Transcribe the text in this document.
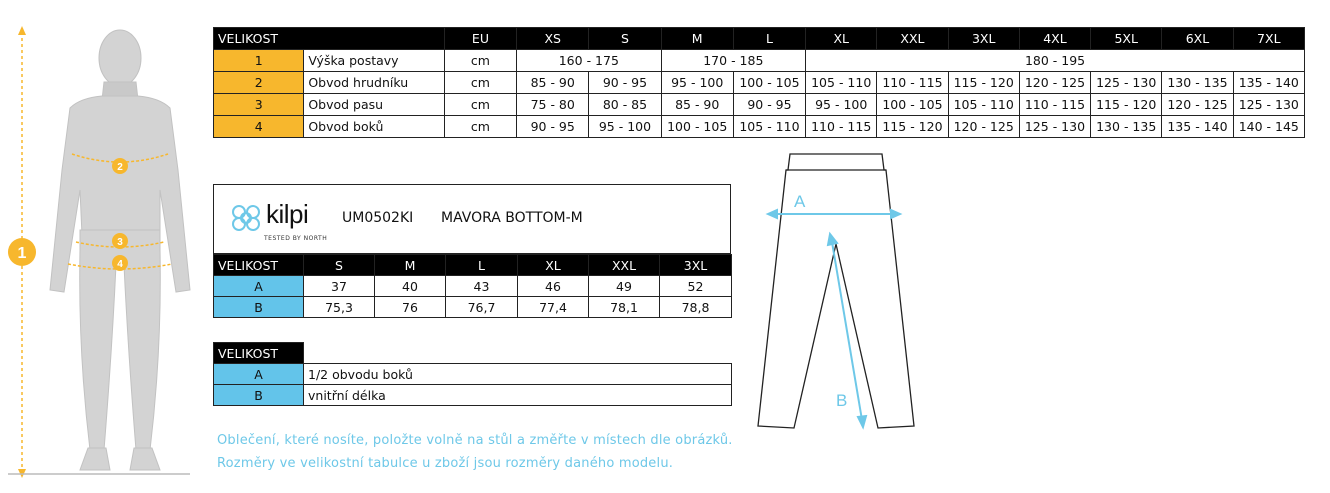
1
2
3
4
VELIKOST		EU	XS	S	M	L	XL	XXL	3XL	4XL	5XL	6XL	7XL
1	Výška postavy	cm	160 - 175		170 - 185		180 - 195						
2	Obvod hrudníku	cm	85 - 90	90 - 95	95 - 100	100 - 105	105 - 110	110 - 115	115 - 120	120 - 125	125 - 130	130 - 135	135 - 140
3	Obvod pasu	cm	75 - 80	80 - 85	85 - 90	90 - 95	95 - 100	100 - 105	105 - 110	110 - 115	115 - 120	120 - 125	125 - 130
4	Obvod boků	cm	90 - 95	95 - 100	100 - 105	105 - 110	110 - 115	115 - 120	120 - 125	125 - 130	130 - 135	135 - 140	140 - 145
kilpi
TESTED BY NORTH
UM0502KI MAVORA BOTTOM-M
VELIKOST	S	M	L	XL	XXL	3XL
A	37	40	43	46	49	52
B	75,3	76	76,7	77,4	78,1	78,8
VELIKOST	
A	1/2 obvodu boků
B	vnitřní délka
A
B
Oblečení, které nosíte, položte volně na stůl a změřte v místech dle obrázků.
Rozměry ve velikostní tabulce u zboží jsou rozměry daného modelu.
